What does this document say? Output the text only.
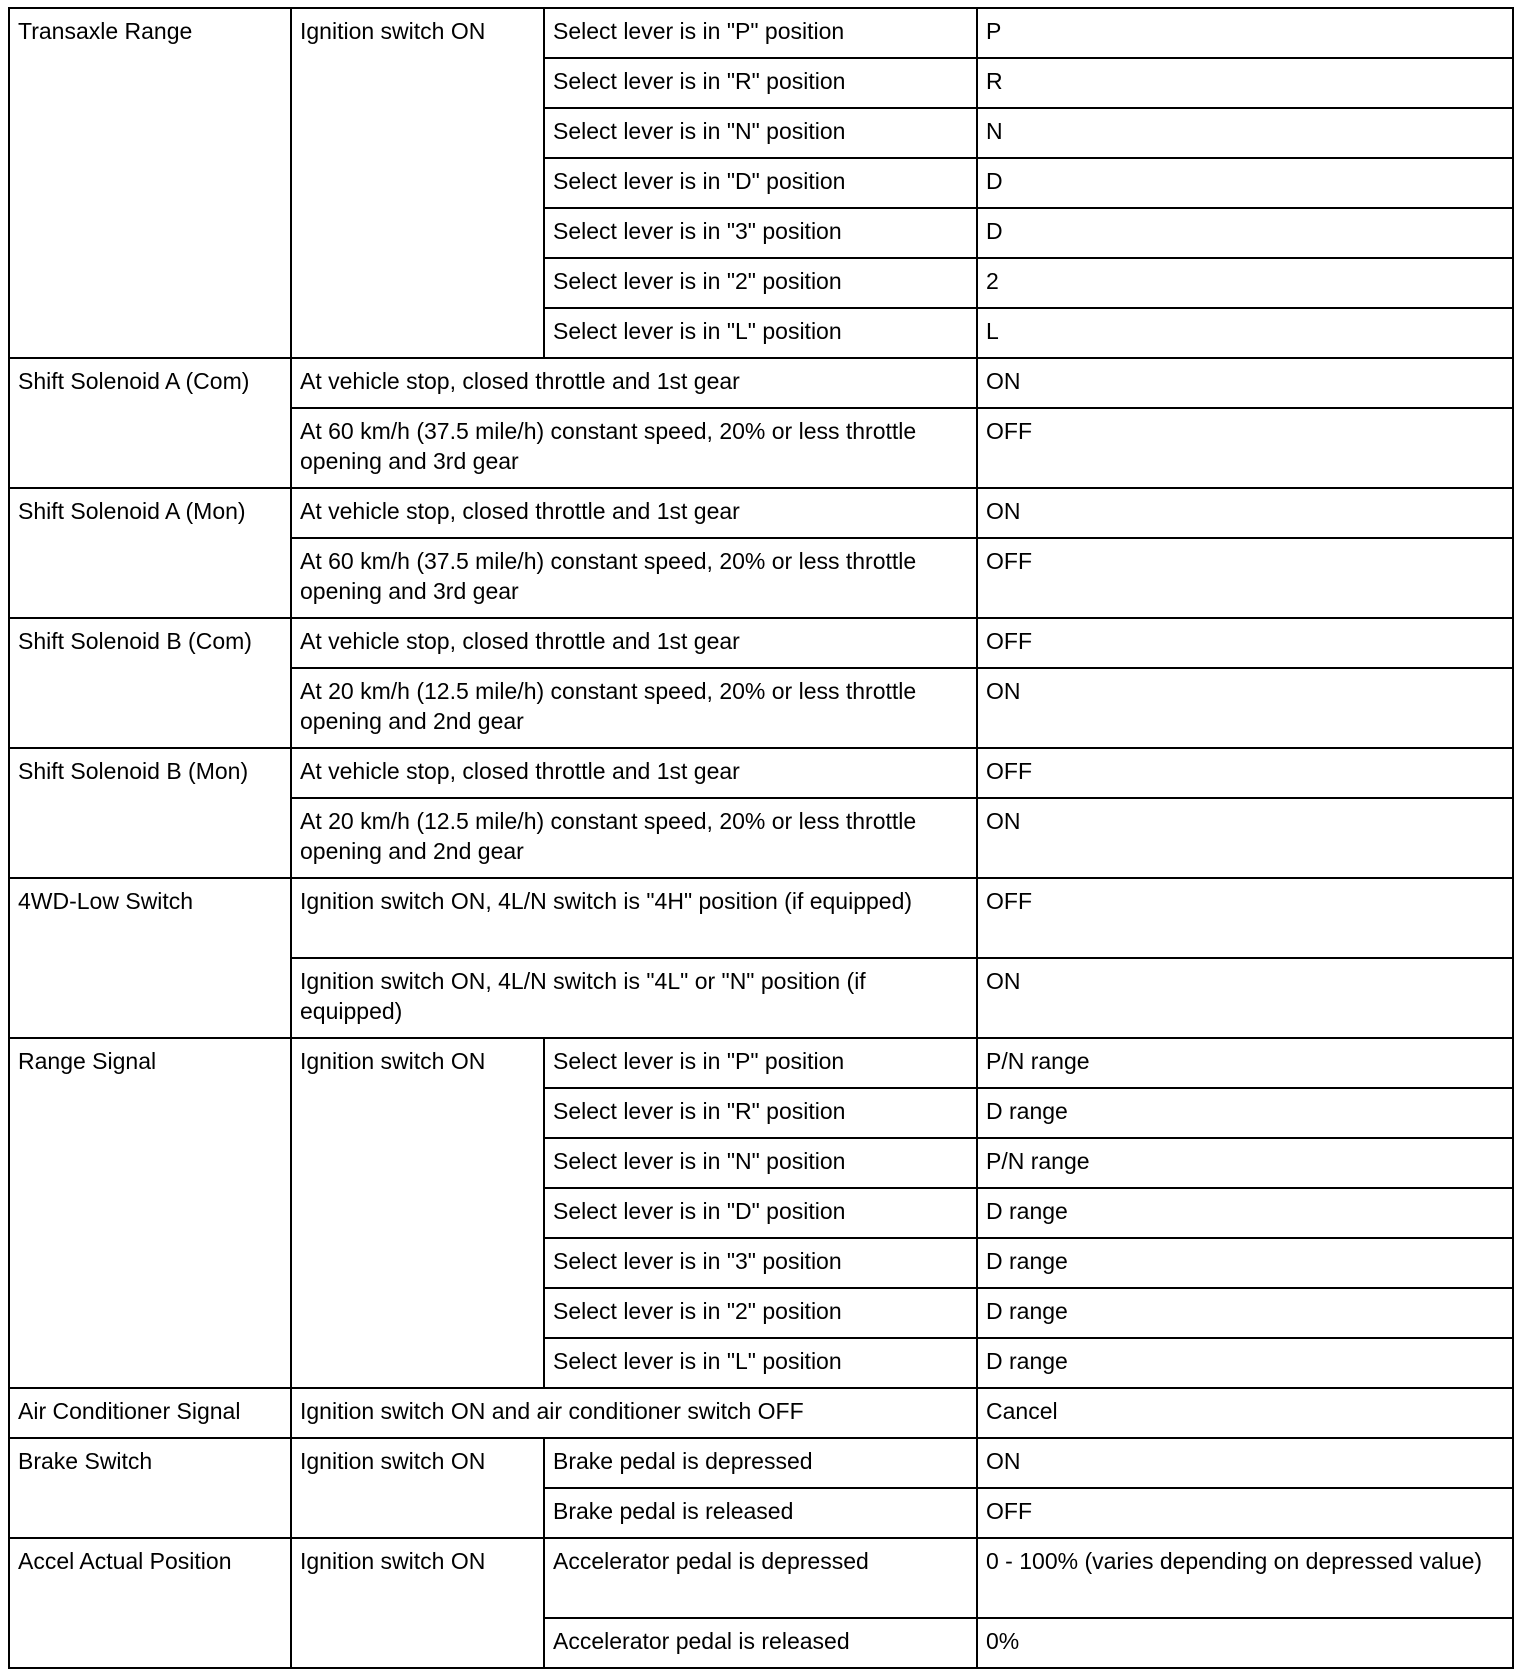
Transaxle Range	Ignition switch ON	Select lever is in "P" position	P
		Select lever is in "R" position	R
		Select lever is in "N" position	N
		Select lever is in "D" position	D
		Select lever is in "3" position	D
		Select lever is in "2" position	2
		Select lever is in "L" position	L
Shift Solenoid A (Com)	At vehicle stop, closed throttle and 1st gear		ON
	At 60 km/h (37.5 mile/h) constant speed, 20% or less throttle opening and 3rd gear		OFF
Shift Solenoid A (Mon)	At vehicle stop, closed throttle and 1st gear		ON
	At 60 km/h (37.5 mile/h) constant speed, 20% or less throttle opening and 3rd gear		OFF
Shift Solenoid B (Com)	At vehicle stop, closed throttle and 1st gear		OFF
	At 20 km/h (12.5 mile/h) constant speed, 20% or less throttle opening and 2nd gear		ON
Shift Solenoid B (Mon)	At vehicle stop, closed throttle and 1st gear		OFF
	At 20 km/h (12.5 mile/h) constant speed, 20% or less throttle opening and 2nd gear		ON
4WD-Low Switch	Ignition switch ON, 4L/N switch is "4H" position (if equipped)		OFF
	Ignition switch ON, 4L/N switch is "4L" or "N" position (if equipped)		ON
Range Signal	Ignition switch ON	Select lever is in "P" position	P/N range
		Select lever is in "R" position	D range
		Select lever is in "N" position	P/N range
		Select lever is in "D" position	D range
		Select lever is in "3" position	D range
		Select lever is in "2" position	D range
		Select lever is in "L" position	D range
Air Conditioner Signal	Ignition switch ON and air conditioner switch OFF		Cancel
Brake Switch	Ignition switch ON	Brake pedal is depressed	ON
		Brake pedal is released	OFF
Accel Actual Position	Ignition switch ON	Accelerator pedal is depressed	0 - 100% (varies depending on depressed value)
		Accelerator pedal is released	0%
